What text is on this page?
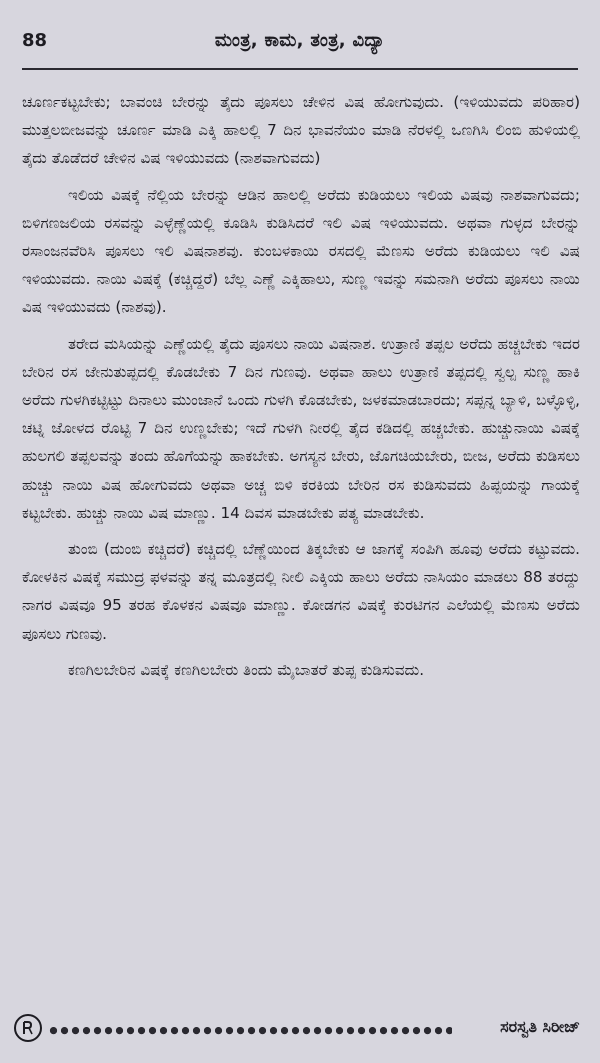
88	ಮಂತ್ರ, ಕಾಮ, ತಂತ್ರ, ವಿದ್ಯಾ

ಚೂರ್ಣಕಟ್ಟಬೇಕು; ಬಾವಂಚಿ ಬೇರನ್ನು ತೈದು ಪೂಸಲು ಚೇಳಿನ ವಿಷ ಹೋಗುವುದು. (ಇಳಿಯುವದು ಪರಿಹಾರ) ಮುತ್ತಲಬೀಜವನ್ನು ಚೂರ್ಣ ಮಾಡಿ ಎಕ್ಕಿ ಹಾಲಲ್ಲಿ 7 ದಿನ ಭಾವನೆಯಂ ಮಾಡಿ ನೆರಳಲ್ಲಿ ಒಣಗಿಸಿ ಲಿಂಬಿ ಹುಳಿಯಲ್ಲಿ ತೈದು ತೊಡೆದರೆ ಚೇಳಿನ ವಿಷ ಇಳಿಯುವದು (ನಾಶವಾಗುವದು)

ಇಲಿಯ ವಿಷಕ್ಕೆ ನೆಲ್ಲಿಯ ಬೇರನ್ನು ಆಡಿನ ಹಾಲಲ್ಲಿ ಅರೆದು ಕುಡಿಯಲು ಇಲಿಯ ವಿಷವು ನಾಶವಾಗುವದು; ಬಿಳಿಗಣಜಲಿಯ ರಸವನ್ನು ಎಳ್ಳೆಣ್ಣೆಯಲ್ಲಿ ಕೂಡಿಸಿ ಕುಡಿಸಿದರೆ ಇಲಿ ವಿಷ ಇಳಿಯುವದು. ಅಥವಾ ಗುಳ್ಳದ ಬೇರನ್ನು ರಸಾಂಜನವೆರಿಸಿ ಪೂಸಲು ಇಲಿ ವಿಷನಾಶವು. ಕುಂಬಳಕಾಯಿ ರಸದಲ್ಲಿ ಮೆಣಸು ಅರೆದು ಕುಡಿಯಲು ಇಲಿ ವಿಷ ಇಳಿಯುವದು. ನಾಯಿ ವಿಷಕ್ಕೆ (ಕಚ್ಚಿದ್ದರೆ) ಬೆಲ್ಲ ಎಣ್ಣೆ ಎಕ್ಕಿಹಾಲು, ಸುಣ್ಣ ಇವನ್ನು ಸಮನಾಗಿ ಅರೆದು ಪೂಸಲು ನಾಯಿ ವಿಷ ಇಳಿಯುವದು (ನಾಶವು).

ತರೇದ ಮಸಿಯನ್ನು ಎಣ್ಣೆಯಲ್ಲಿ ತೈದು ಪೂಸಲು ನಾಯಿ ವಿಷನಾಶ. ಉತ್ರಾಣಿ ತಪ್ಪಲ ಅರೆದು ಹಚ್ಚಬೇಕು ಇದರ ಬೇರಿನ ರಸ ಜೇನುತುಪ್ಪದಲ್ಲಿ ಕೊಡಬೇಕು 7 ದಿನ ಗುಣವು. ಅಥವಾ ಹಾಲು ಉತ್ರಾಣಿ ತಪ್ಪದಲ್ಲಿ ಸ್ವಲ್ಪ ಸುಣ್ಣ ಹಾಕಿ ಅರೆದು ಗುಳಗಿಕಟ್ಟಿಟ್ಟು ದಿನಾಲು ಮುಂಜಾನೆ ಒಂದು ಗುಳಗಿ ಕೊಡಬೇಕು, ಜಳಕಮಾಡಬಾರದು; ಸಪ್ಪನ್ನ ಬ್ಯಾಳಿ, ಬಳ್ಳೊಳ್ಳಿ, ಚಟ್ನಿ ಜೋಳದ ರೊಟ್ಟಿ 7 ದಿನ ಉಣ್ಣಬೇಕು; ಇದೆ ಗುಳಗಿ ನೀರಲ್ಲಿ ತೈದ ಕಡಿದಲ್ಲಿ ಹಚ್ಚಬೇಕು. ಹುಚ್ಚುನಾಯಿ ವಿಷಕ್ಕೆ ಹುಲಗಲಿ ತಪ್ಪಲವನ್ನು ತಂದು ಹೊಗೆಯನ್ನು ಹಾಕಬೇಕು. ಅಗಸ್ಯನ ಬೇರು, ಜೊಗಚಿಯಬೇರು, ಬೀಜ, ಅರೆದು ಕುಡಿಸಲು ಹುಚ್ಚು ನಾಯಿ ವಿಷ ಹೋಗುವದು ಅಥವಾ ಅಚ್ಚ ಬಿಳಿ ಕರಕಿಯ ಬೇರಿನ ರಸ ಕುಡಿಸುವದು ಹಿಪ್ಪಯನ್ನು ಗಾಯಕ್ಕೆ ಕಟ್ಟಬೇಕು. ಹುಚ್ಚು ನಾಯಿ ವಿಷ ಮಾಣ್ಣು. 14 ದಿವಸ ಮಾಡಬೇಕು ಪತ್ಯ ಮಾಡಬೇಕು.

ತುಂಬಿ (ದುಂಬಿ ಕಚ್ಚಿದರೆ) ಕಚ್ಚಿದಲ್ಲಿ ಬೆಣ್ಣೆಯಿಂದ ತಿಕ್ಕಬೇಕು ಆ ಜಾಗಕ್ಕೆ ಸಂಪಿಗಿ ಹೂವು ಅರೆದು ಕಟ್ಟುವದು. ಕೋಳಕಿನ ವಿಷಕ್ಕೆ ಸಮುದ್ರ ಫಳವನ್ನು ತನ್ನ ಮೂತ್ರದಲ್ಲಿ ನೀಲಿ ಎಕ್ಕಿಯ ಹಾಲು ಅರೆದು ನಾಸಿಯಂ ಮಾಡಲು 88 ತರದ್ದು ನಾಗರ ವಿಷವೂ 95 ತರಹ ಕೊಳಕನ ವಿಷವೂ ಮಾಣ್ಣು. ಕೋಡಗನ ವಿಷಕ್ಕೆ ಕುರಟಿಗನ ಎಲೆಯಲ್ಲಿ ಮೆಣಸು ಅರೆದು ಪೂಸಲು ಗುಣವು.

ಕಣಗಿಲಬೇರಿನ ವಿಷಕ್ಕೆ ಕಣಗಿಲಬೇರು ತಿಂದು ಮೈಬಾತರೆ ತುಪ್ಪ ಕುಡಿಸುವದು.

ಸರಸ್ವತಿ ಸಿರೀಜ್
